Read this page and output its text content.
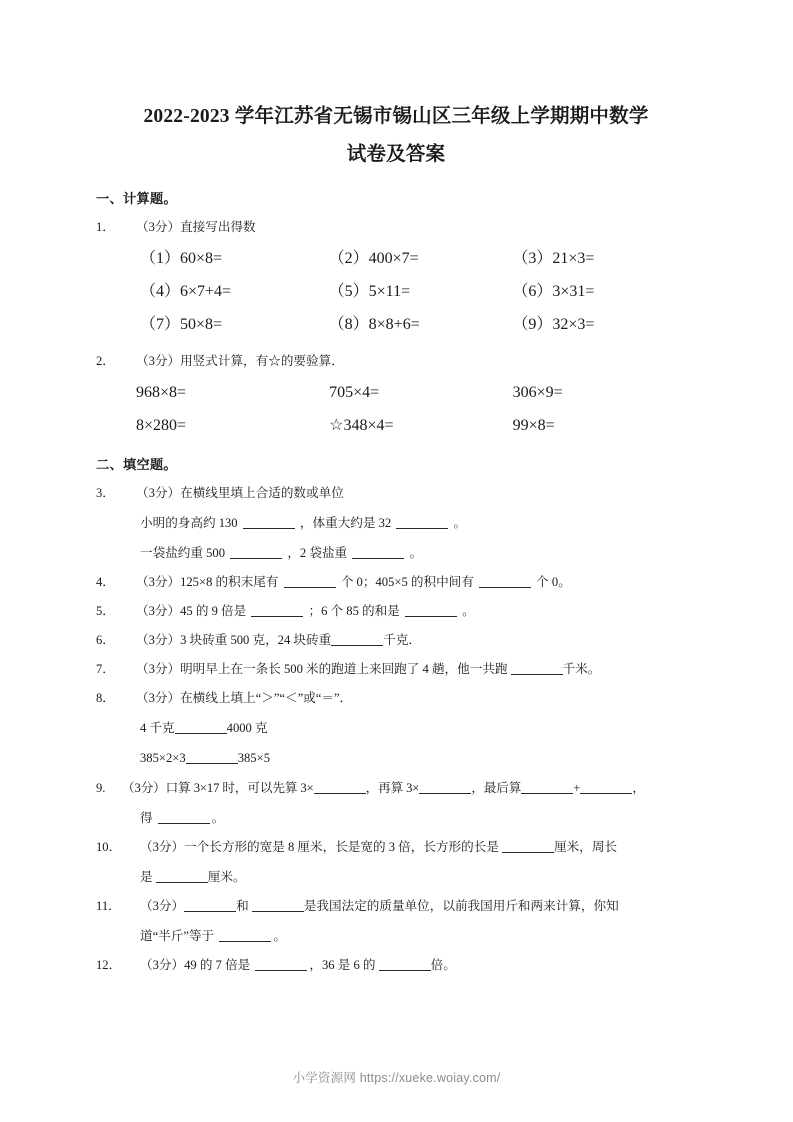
2022-2023 学年江苏省无锡市锡山区三年级上学期期中数学
试卷及答案
一、计算题。
1．	（3分）直接写出得数
（1）60×8=	（2）400×7=	（3）21×3=
（4）6×7+4=	（5）5×11=	（6）3×31=
（7）50×8=	（8）8×8+6=	（9）32×3=
2．	（3分）用竖式计算，有☆的要验算．
968×8=	705×4=	306×9=
8×280=	☆348×4=	99×8=
二、填空题。
3．	（3分）在横线里填上合适的数或单位
小明的身高约 130	，体重大约是 32	。
一袋盐约重 500	，2 袋盐重	。
4．	（3分）125×8 的积末尾有	个 0；405×5 的积中间有	个 0。
5．	（3分）45 的 9 倍是	；6 个 85 的和是	。
6．	（3分）3 块砖重 500 克，24 块砖重	千克．
7．	（3分）明明早上在一条长 500 米的跑道上来回跑了 4 趟，他一共跑	千米。
8．	（3分）在横线上填上“＞”“＜”或“＝”．
4 千克	4000 克
385×2×3	385×5
9.	（3分）口算 3×17 时，可以先算 3×	，再算 3×	，最后算	+	，
得	。
10．	（3分）一个长方形的宽是 8 厘米，长是宽的 3 倍，长方形的长是	厘米，周长
是	厘米。
11．	（3分）	和	是我国法定的质量单位，以前我国用斤和两来计算，你知
道“半斤”等于	。
12．	（3分）49 的 7 倍是	，36 是 6 的	倍。
小学资源网 https://xueke.woiay.com/
